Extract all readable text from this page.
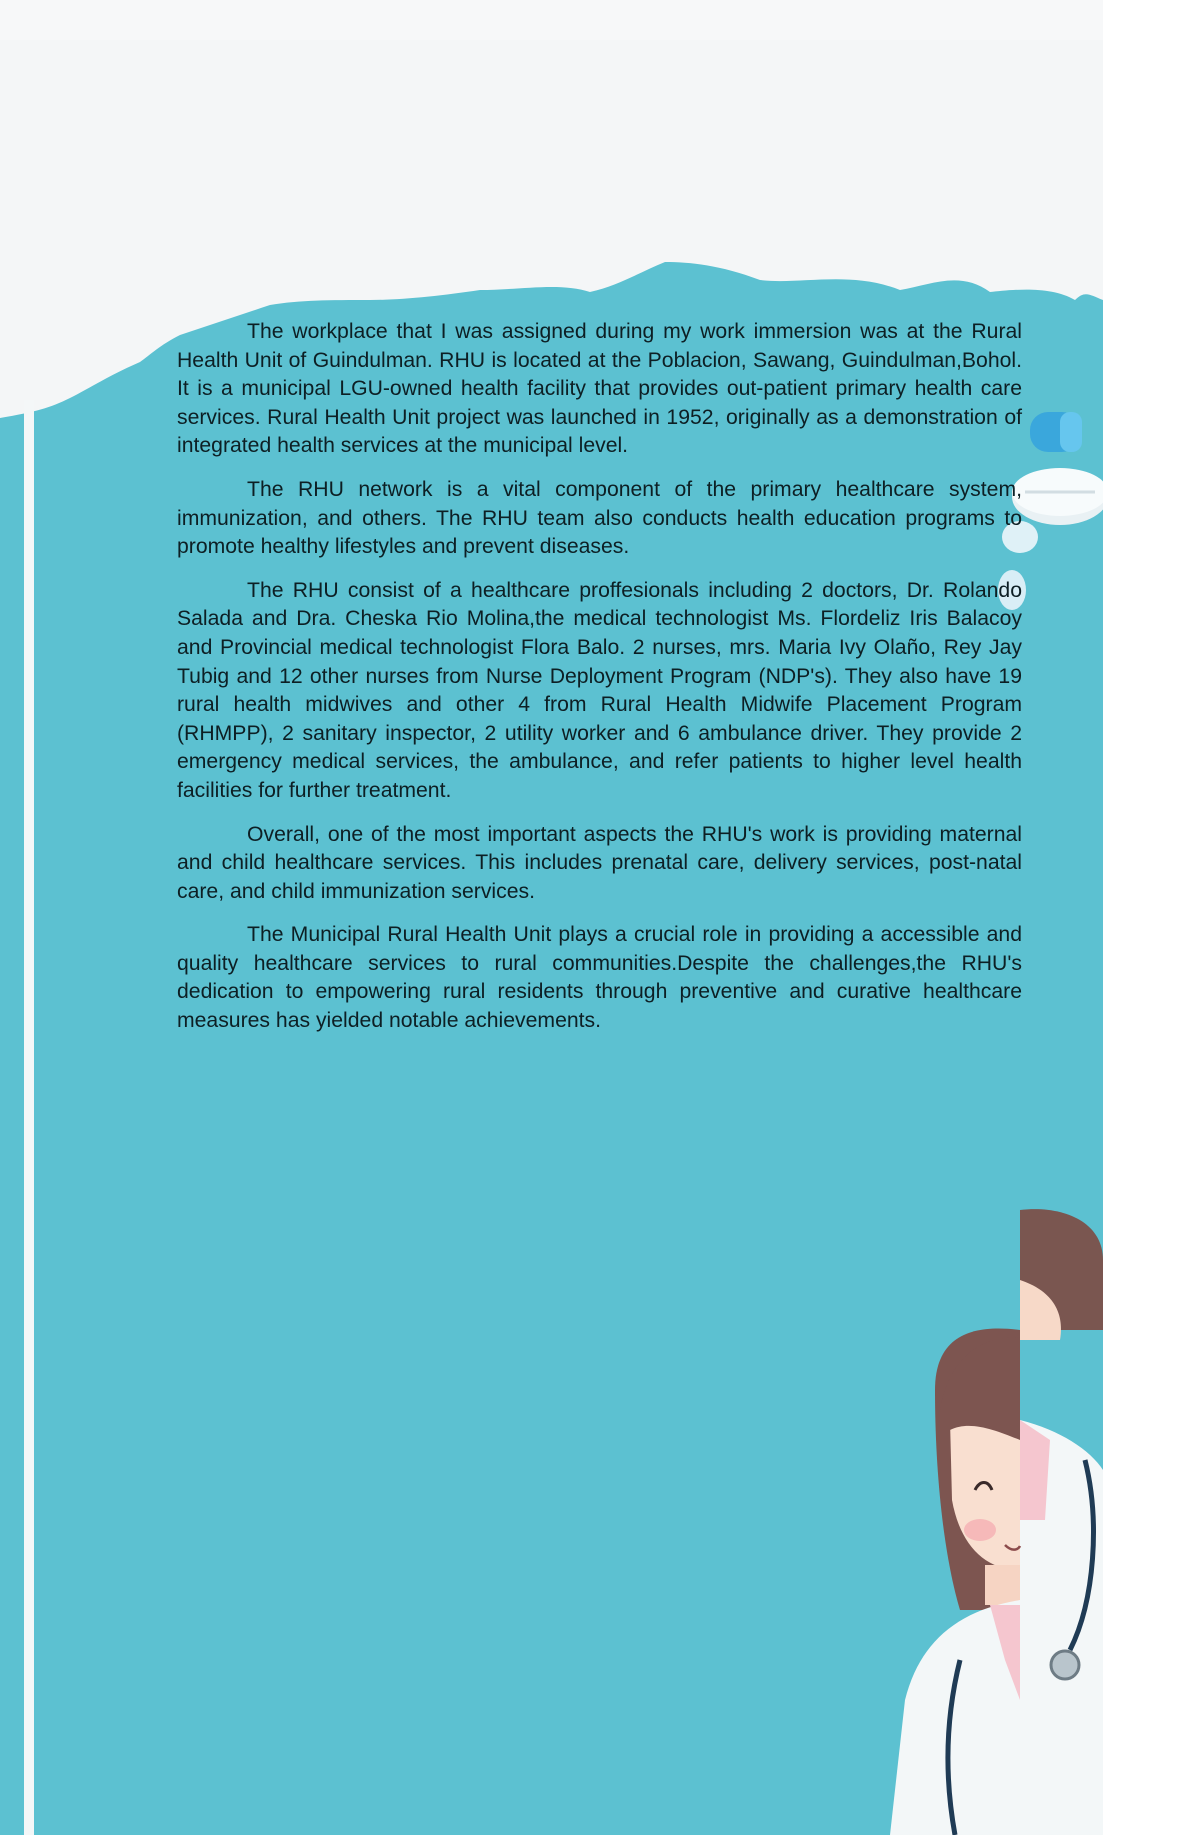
The workplace that I was assigned during my work immersion was at the Rural Health Unit of Guindulman. RHU is located at the Poblacion, Sawang, Guindulman,Bohol. It is a municipal LGU-owned health facility that provides out-patient primary health care services. Rural Health Unit project was launched in 1952, originally as a demonstration of integrated health services at the municipal level.

The RHU network is a vital component of the primary healthcare system, immunization, and others. The RHU team also conducts health education programs to promote healthy lifestyles and prevent diseases.

The RHU consist of a healthcare proffesionals including 2 doctors, Dr. Rolando Salada and Dra. Cheska Rio Molina,the medical technologist Ms. Flordeliz Iris Balacoy and Provincial medical technologist Flora Balo. 2 nurses, mrs. Maria Ivy Olaño, Rey Jay Tubig and 12 other nurses from Nurse Deployment Program (NDP's). They also have 19 rural health midwives and other 4 from Rural Health Midwife Placement Program (RHMPP), 2 sanitary inspector, 2 utility worker and 6 ambulance driver. They provide 2 emergency medical services, the ambulance, and refer patients to higher level health facilities for further treatment.

Overall, one of the most important aspects the RHU's work is providing maternal and child healthcare services. This includes prenatal care, delivery services, post-natal care, and child immunization services.

The Municipal Rural Health Unit plays a crucial role in providing a accessible and quality healthcare services to rural communities.Despite the challenges,the RHU's dedication to empowering rural residents through preventive and curative healthcare measures has yielded notable achievements.
